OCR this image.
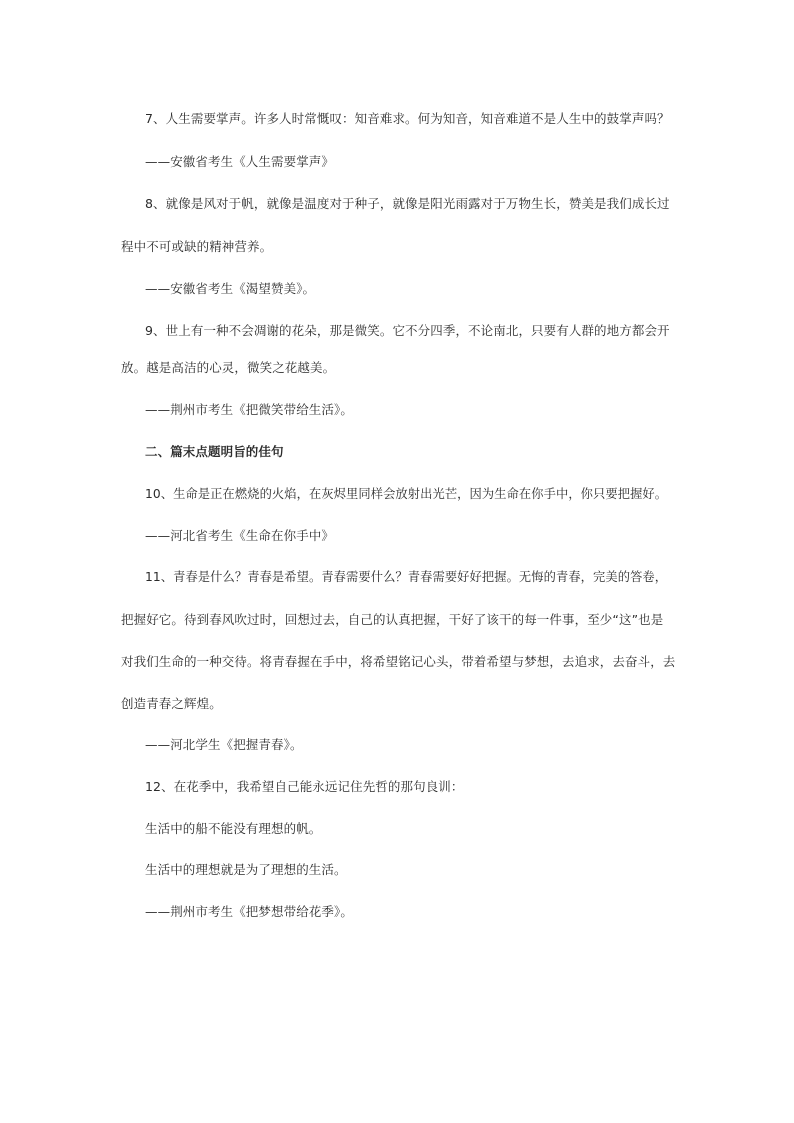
7、人生需要掌声。许多人时常慨叹：知音难求。何为知音，知音难道不是人生中的鼓掌声吗？
——安徽省考生《人生需要掌声》
8、就像是风对于帆，就像是温度对于种子，就像是阳光雨露对于万物生长，赞美是我们成长过
程中不可或缺的精神营养。
——安徽省考生《渴望赞美》。
9、世上有一种不会凋谢的花朵，那是微笑。它不分四季，不论南北，只要有人群的地方都会开
放。越是高洁的心灵，微笑之花越美。
——荆州市考生《把微笑带给生活》。
二、篇末点题明旨的佳句
10、生命是正在燃烧的火焰，在灰烬里同样会放射出光芒，因为生命在你手中，你只要把握好。
——河北省考生《生命在你手中》
11、青春是什么？青春是希望。青春需要什么？青春需要好好把握。无悔的青春，完美的答卷，
把握好它。待到春风吹过时，回想过去，自己的认真把握，干好了该干的每一件事，至少“这”也是
对我们生命的一种交待。将青春握在手中，将希望铭记心头，带着希望与梦想，去追求，去奋斗，去
创造青春之辉煌。
——河北学生《把握青春》。
12、在花季中，我希望自己能永远记住先哲的那句良训：
生活中的船不能没有理想的帆。
生活中的理想就是为了理想的生活。
——荆州市考生《把梦想带给花季》。
